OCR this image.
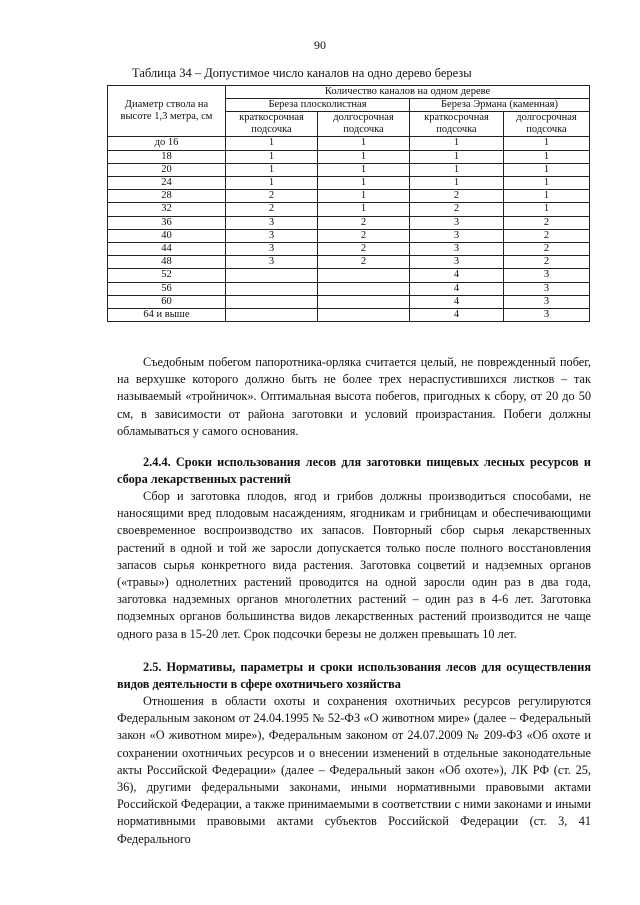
90
Таблица 34 – Допустимое число каналов на одно дерево березы
Диаметр ствола на высоте 1,3 метра, см	Количество каналов на одном дереве			
	Береза плосколистная		Береза Эрмана (каменная)	
	краткосрочная подсочка	долгосрочная подсочка	краткосрочная подсочка	долгосрочная подсочка
до 16	1	1	1	1
18	1	1	1	1
20	1	1	1	1
24	1	1	1	1
28	2	1	2	1
32	2	1	2	1
36	3	2	3	2
40	3	2	3	2
44	3	2	3	2
48	3	2	3	2
52			4	3
56			4	3
60			4	3
64 и выше			4	3

Съедобным побегом папоротника-орляка считается целый, не поврежденный побег, на верхушке которого должно быть не более трех нераспустившихся листков – так называемый «тройничок». Оптимальная высота побегов, пригодных к сбору, от 20 до 50 см, в зависимости от района заготовки и условий произрастания. Побеги должны обламываться у самого основания.

2.4.4. Сроки использования лесов для заготовки пищевых лесных ресурсов и сбора лекарственных растений

Сбор и заготовка плодов, ягод и грибов должны производиться способами, не наносящими вред плодовым насаждениям, ягодникам и грибницам и обеспечивающими своевременное воспроизводство их запасов. Повторный сбор сырья лекарственных растений в одной и той же заросли допускается только после полного восстановления запасов сырья конкретного вида растения. Заготовка соцветий и надземных органов («травы») однолетних растений проводится на одной заросли один раз в два года, заготовка надземных органов многолетних растений – один раз в 4-6 лет. Заготовка подземных органов большинства видов лекарственных растений производится не чаще одного раза в 15-20 лет. Срок подсочки березы не должен превышать 10 лет.

2.5. Нормативы, параметры и сроки использования лесов для осуществления видов деятельности в сфере охотничьего хозяйства

Отношения в области охоты и сохранения охотничьих ресурсов регулируются Федеральным законом от 24.04.1995 № 52-ФЗ «О животном мире» (далее – Федеральный закон «О животном мире»), Федеральным законом от 24.07.2009 № 209-ФЗ «Об охоте и сохранении охотничьих ресурсов и о внесении изменений в отдельные законодательные акты Российской Федерации» (далее – Федеральный закон «Об охоте»), ЛК РФ (ст. 25, 36), другими федеральными законами, иными нормативными правовыми актами Российской Федерации, а также принимаемыми в соответствии с ними законами и иными нормативными правовыми актами субъектов Российской Федерации (ст. 3, 41 Федерального
